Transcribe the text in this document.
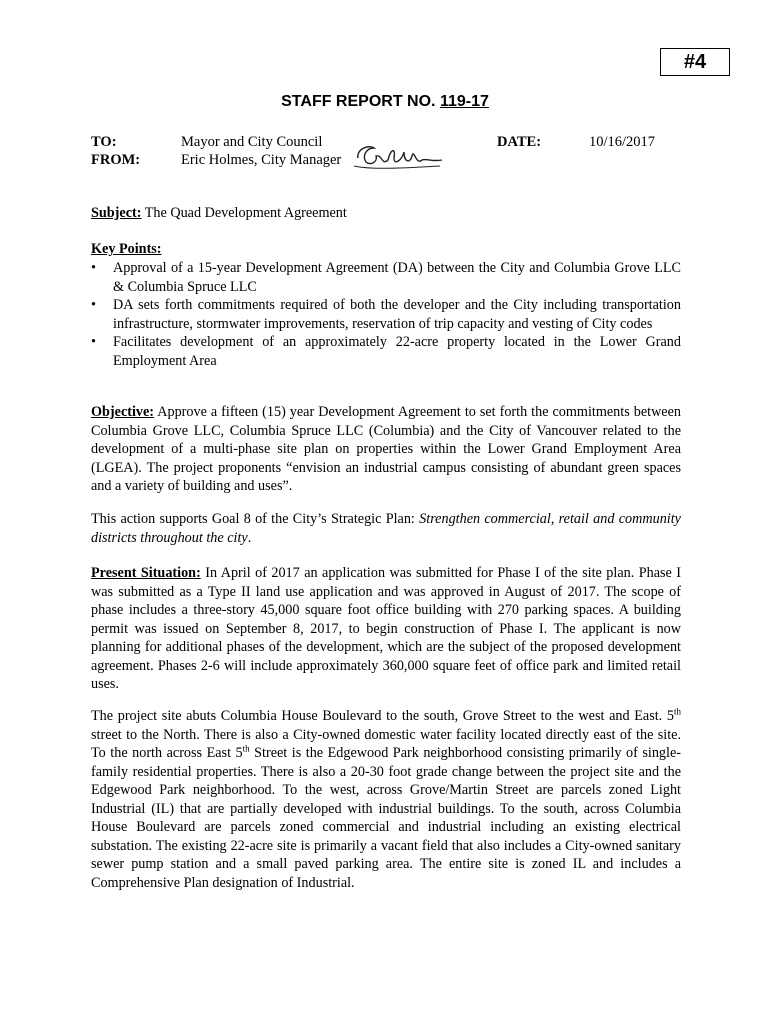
#4
STAFF REPORT NO. 119-17
TO:	Mayor and City Council
FROM:	Eric Holmes, City Manager
DATE:	10/16/2017

Subject: The Quad Development Agreement

Key Points:

• Approval of a 15-year Development Agreement (DA) between the City and Columbia Grove LLC & Columbia Spruce LLC
• DA sets forth commitments required of both the developer and the City including transportation infrastructure, stormwater improvements, reservation of trip capacity and vesting of City codes
• Facilitates development of an approximately 22-acre property located in the Lower Grand Employment Area

Objective: Approve a fifteen (15) year Development Agreement to set forth the commitments between Columbia Grove LLC, Columbia Spruce LLC (Columbia) and the City of Vancouver related to the development of a multi-phase site plan on properties within the Lower Grand Employment Area (LGEA). The project proponents “envision an industrial campus consisting of abundant green spaces and a variety of building and uses”.

This action supports Goal 8 of the City’s Strategic Plan: Strengthen commercial, retail and community districts throughout the city.

Present Situation: In April of 2017 an application was submitted for Phase I of the site plan. Phase I was submitted as a Type II land use application and was approved in August of 2017. The scope of phase includes a three-story 45,000 square foot office building with 270 parking spaces. A building permit was issued on September 8, 2017, to begin construction of Phase I. The applicant is now planning for additional phases of the development, which are the subject of the proposed development agreement. Phases 2-6 will include approximately 360,000 square feet of office park and limited retail uses.

The project site abuts Columbia House Boulevard to the south, Grove Street to the west and East. 5th street to the North. There is also a City-owned domestic water facility located directly east of the site. To the north across East 5th Street is the Edgewood Park neighborhood consisting primarily of single-family residential properties. There is also a 20-30 foot grade change between the project site and the Edgewood Park neighborhood. To the west, across Grove/Martin Street are parcels zoned Light Industrial (IL) that are partially developed with industrial buildings. To the south, across Columbia House Boulevard are parcels zoned commercial and industrial including an existing electrical substation. The existing 22-acre site is primarily a vacant field that also includes a City-owned sanitary sewer pump station and a small paved parking area. The entire site is zoned IL and includes a Comprehensive Plan designation of Industrial.
